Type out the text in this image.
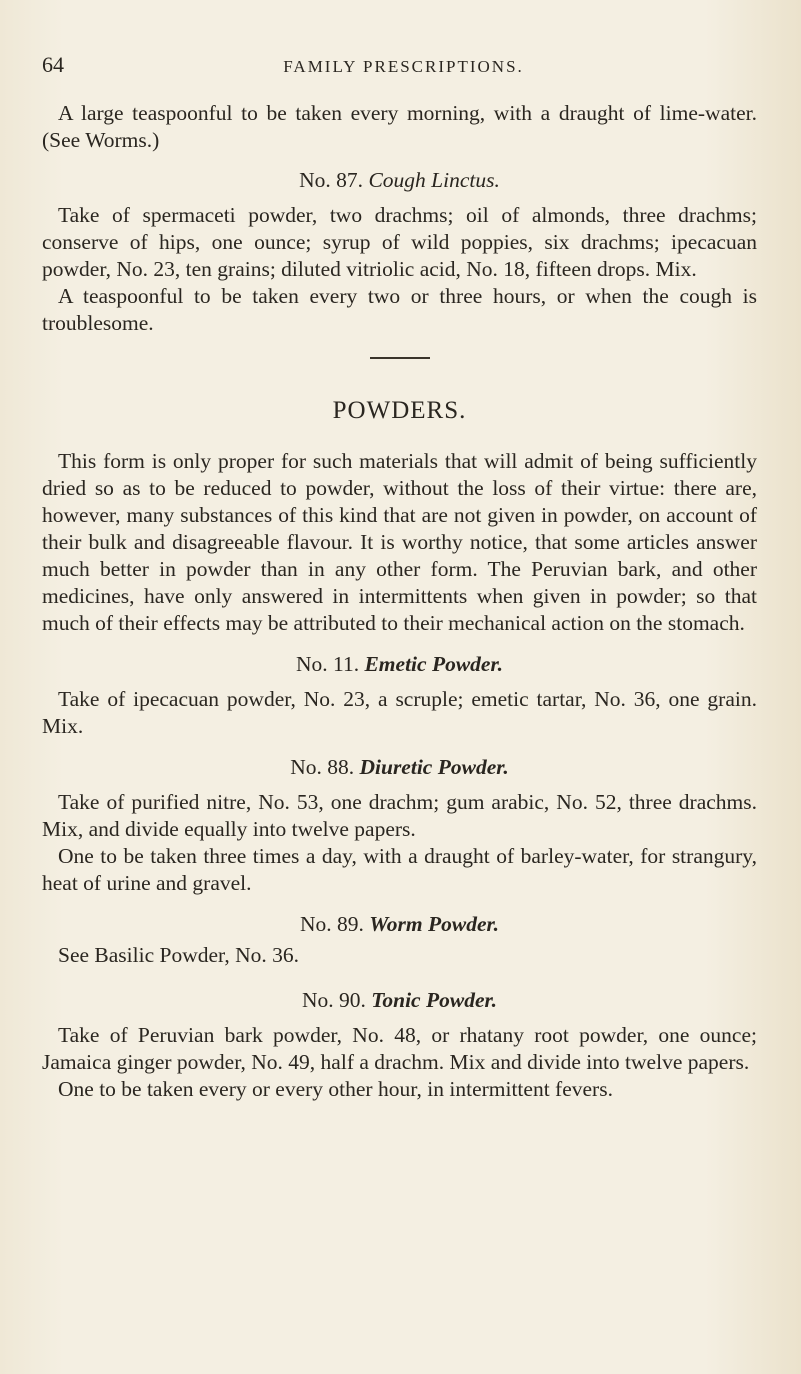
64	FAMILY PRESCRIPTIONS.

A large teaspoonful to be taken every morning, with a draught of lime-water. (See Worms.)

No. 87. Cough Linctus.

Take of spermaceti powder, two drachms; oil of almonds, three drachms; conserve of hips, one ounce; syrup of wild poppies, six drachms; ipecacuan powder, No. 23, ten grains; diluted vitriolic acid, No. 18, fifteen drops. Mix.

A teaspoonful to be taken every two or three hours, or when the cough is troublesome.

POWDERS.

This form is only proper for such materials that will admit of being sufficiently dried so as to be reduced to powder, without the loss of their virtue: there are, however, many substances of this kind that are not given in powder, on account of their bulk and disagreeable flavour. It is worthy notice, that some articles answer much better in powder than in any other form. The Peruvian bark, and other medicines, have only answered in intermittents when given in powder; so that much of their effects may be attributed to their mechanical action on the stomach.

No. 11. Emetic Powder.

Take of ipecacuan powder, No. 23, a scruple; emetic tartar, No. 36, one grain. Mix.

No. 88. Diuretic Powder.

Take of purified nitre, No. 53, one drachm; gum arabic, No. 52, three drachms. Mix, and divide equally into twelve papers.

One to be taken three times a day, with a draught of barley-water, for strangury, heat of urine and gravel.

No. 89. Worm Powder.

See Basilic Powder, No. 36.

No. 90. Tonic Powder.

Take of Peruvian bark powder, No. 48, or rhatany root powder, one ounce; Jamaica ginger powder, No. 49, half a drachm. Mix and divide into twelve papers.

One to be taken every or every other hour, in intermittent fevers.
